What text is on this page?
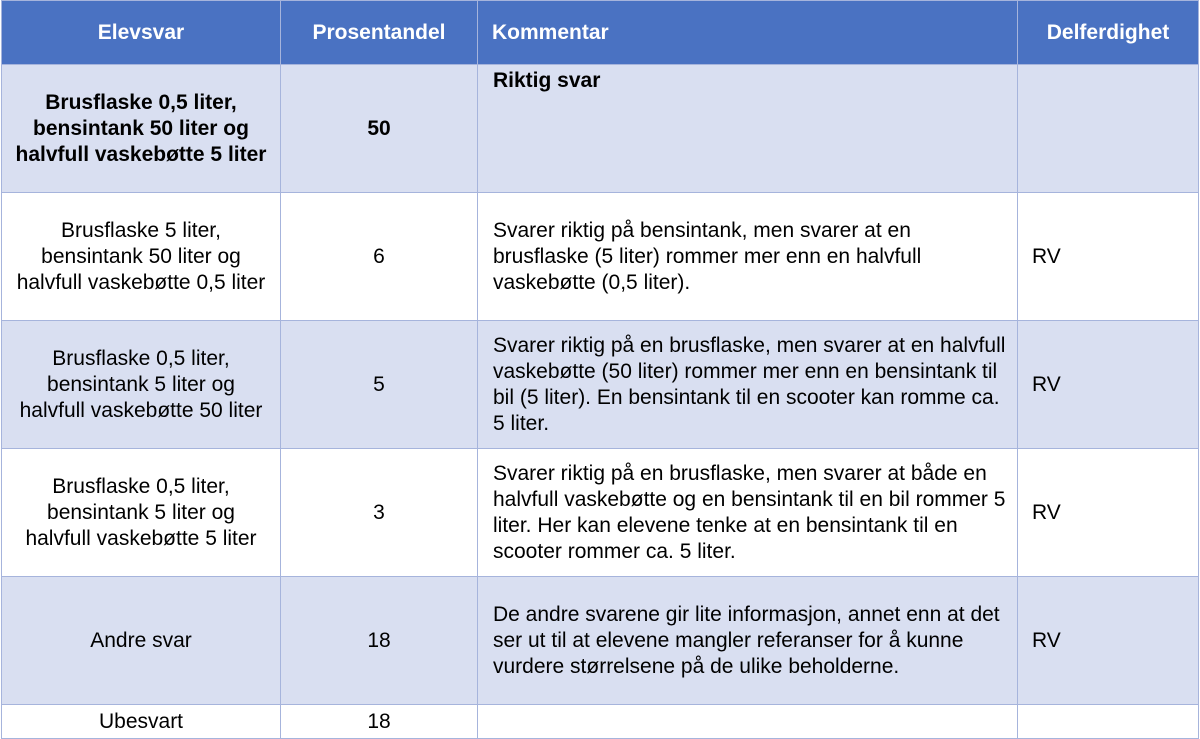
Elevsvar	Prosentandel	Kommentar	Delferdighet
Brusflaske 0,5 liter, bensintank 50 liter og halvfull vaskebøtte 5 liter	50	Riktig svar	
Brusflaske 5 liter, bensintank 50 liter og halvfull vaskebøtte 0,5 liter	6	Svarer riktig på bensintank, men svarer at en brusflaske (5 liter) rommer mer enn en halvfull vaskebøtte (0,5 liter).	RV
Brusflaske 0,5 liter, bensintank 5 liter og halvfull vaskebøtte 50 liter	5	Svarer riktig på en brusflaske, men svarer at en halvfull vaskebøtte (50 liter) rommer mer enn en bensintank til bil (5 liter). En bensintank til en scooter kan romme ca. 5 liter.	RV
Brusflaske 0,5 liter, bensintank 5 liter og halvfull vaskebøtte 5 liter	3	Svarer riktig på en brusflaske, men svarer at både en halvfull vaskebøtte og en bensintank til en bil rommer 5 liter. Her kan elevene tenke at en bensintank til en scooter rommer ca. 5 liter.	RV
Andre svar	18	De andre svarene gir lite informasjon, annet enn at det ser ut til at elevene mangler referanser for å kunne vurdere størrelsene på de ulike beholderne.	RV
Ubesvart	18		
